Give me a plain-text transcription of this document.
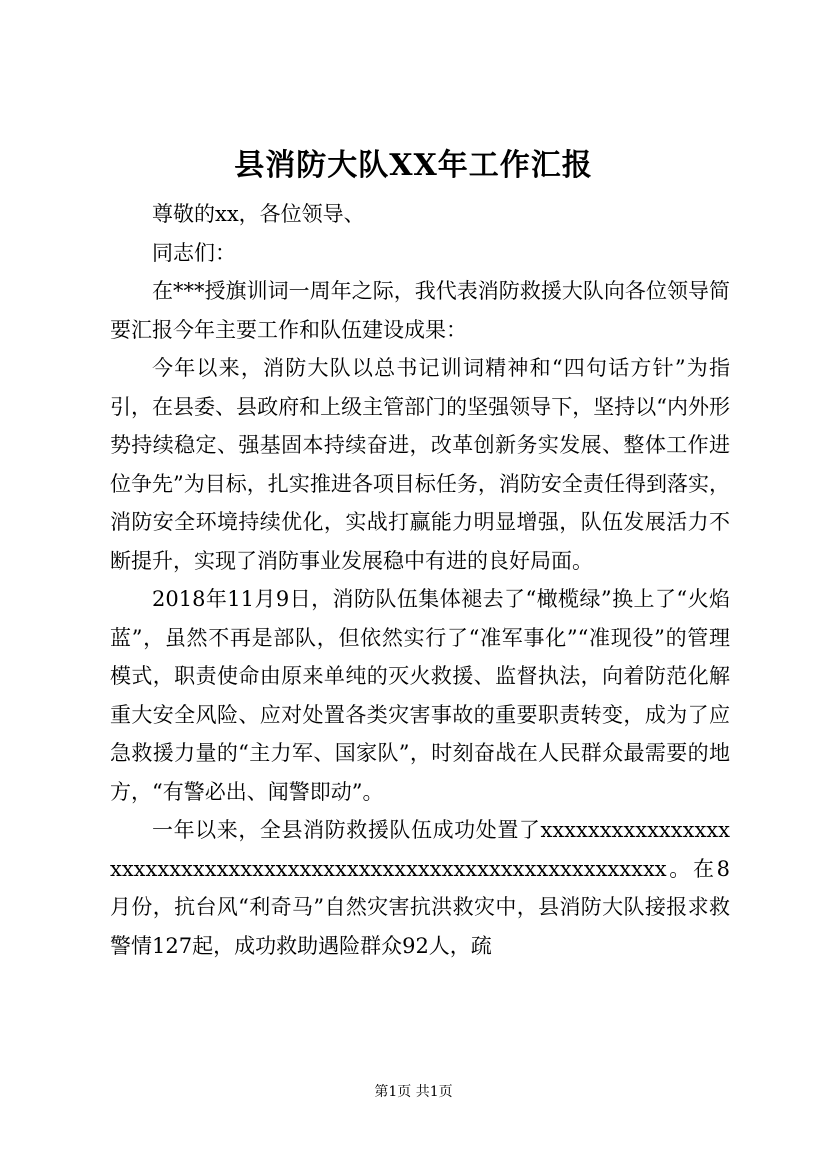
县消防大队XX年工作汇报

尊敬的xx，各位领导、

同志们：

在***授旗训词一周年之际，我代表消防救援大队向各位领导简要汇报今年主要工作和队伍建设成果：

今年以来，消防大队以总书记训词精神和“四句话方针”为指引，在县委、县政府和上级主管部门的坚强领导下，坚持以“内外形势持续稳定、强基固本持续奋进，改革创新务实发展、整体工作进位争先”为目标，扎实推进各项目标任务，消防安全责任得到落实，消防安全环境持续优化，实战打赢能力明显增强，队伍发展活力不断提升，实现了消防事业发展稳中有进的良好局面。

2018年11月9日，消防队伍集体褪去了“橄榄绿”换上了“火焰蓝”，虽然不再是部队，但依然实行了“准军事化”“准现役”的管理模式，职责使命由原来单纯的灭火救援、监督执法，向着防范化解重大安全风险、应对处置各类灾害事故的重要职责转变，成为了应急救援力量的“主力军、国家队”，时刻奋战在人民群众最需要的地方，“有警必出、闻警即动”。

一年以来，全县消防救援队伍成功处置了xxxxxxxxxxxxxxxxxxxxxxxxxxxxxxxxxxxxxxxxxxxxxxxxxxxxxxxxxxxxxxx。在8月份，抗台风“利奇马”自然灾害抗洪救灾中，县消防大队接报求救警情127起，成功救助遇险群众92人，疏

第1页 共1页
